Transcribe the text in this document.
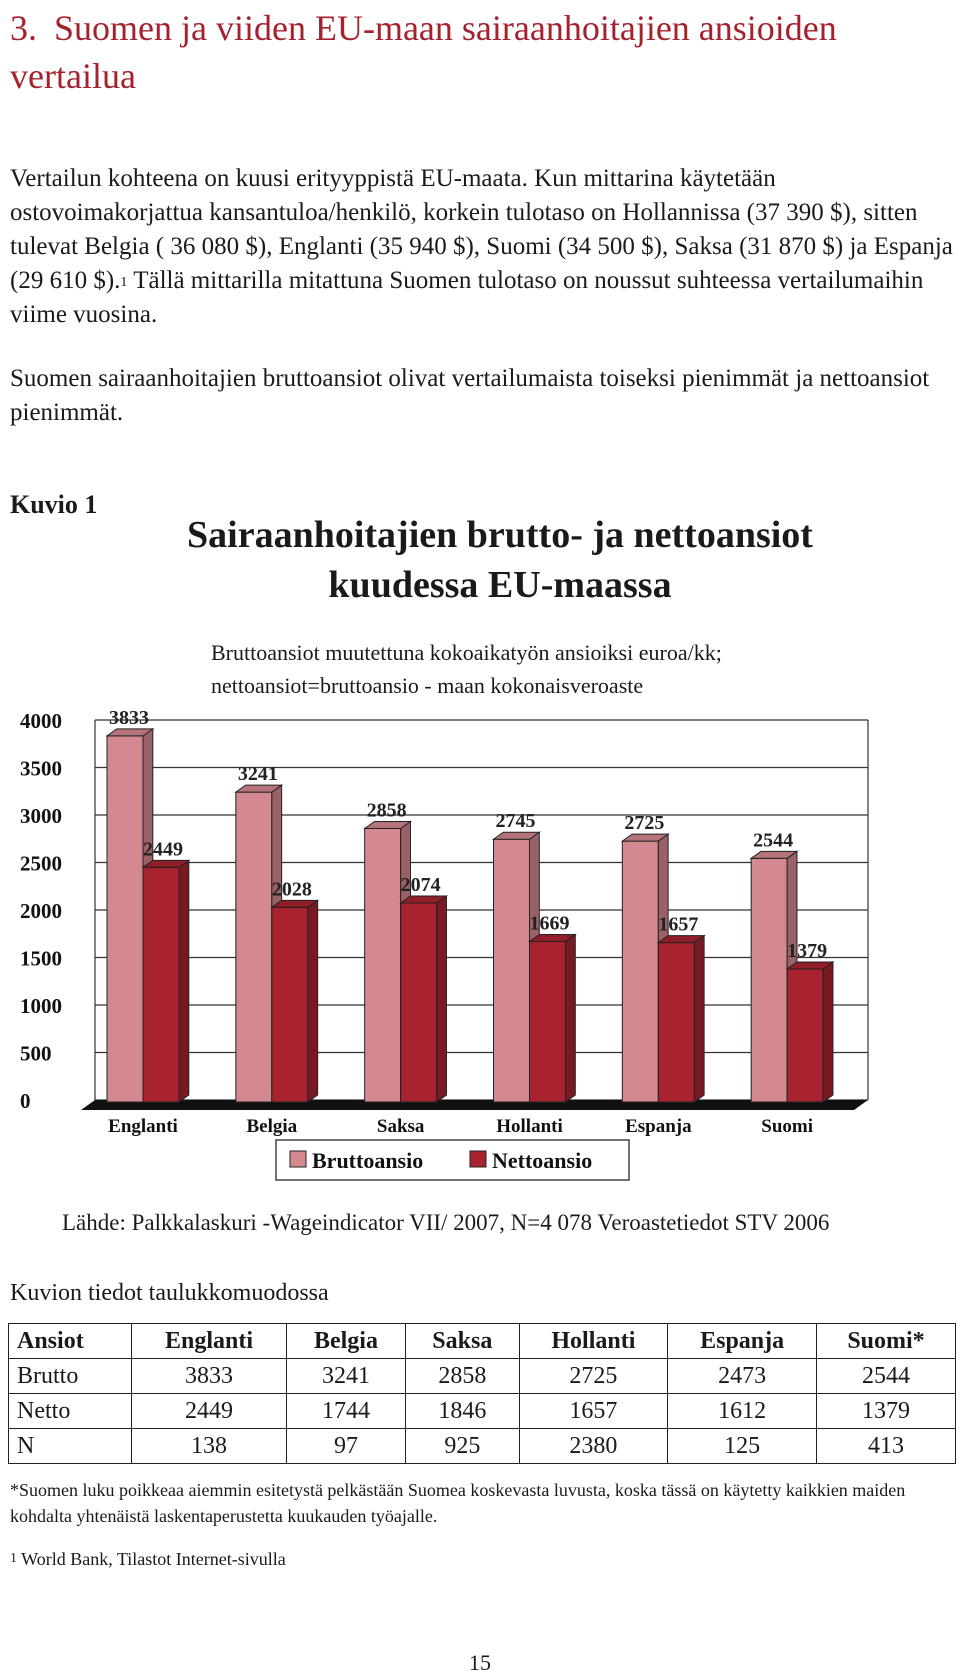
3. Suomen ja viiden EU-maan sairaanhoitajien ansioiden vertailua

Vertailun kohteena on kuusi erityyppistä EU-maata. Kun mittarina käytetään ostovoimakorjattua kansantuloa/henkilö, korkein tulotaso on Hollannissa (37 390 $), sitten tulevat Belgia ( 36 080 $), Englanti (35 940 $), Suomi (34 500 $), Saksa (31 870 $) ja Espanja (29 610 $).$^1$ Tällä mittarilla mitattuna Suomen tulotaso on noussut suhteessa vertailumaihin viime vuosina.

Suomen sairaanhoitajien bruttoansiot olivat vertailumaista toiseksi pienimmät ja nettoansiot pienimmät.

Kuvio 1
Sairaanhoitajien brutto- ja nettoansiot kuudessa EU-maassa
Bruttoansiot muutettuna kokoaikatyön ansioiksi euroa/kk;
nettoansiot=bruttoansio - maan kokonaisveroaste
0
500
1000
1500
2000
2500
3000
3500
4000 3833
2449
Englanti
3241
2028
Belgia
2858
2074
Saksa
2745
1669
Hollanti
2725
1657
Espanja
2544
1379
Suomi
Bruttoansio	Nettoansio
Lähde: Palkkalaskuri -Wageindicator VII/ 2007, N=4 078 Veroastetiedot STV 2006
Kuvion tiedot taulukkomuodossa
Ansiot	Englanti	Belgia	Saksa	Hollanti	Espanja	Suomi*
Brutto	3833	3241	2858	2725	2473	2544
Netto	2449	1744	1846	1657	1612	1379
N	138	97	925	2380	125	413
*Suomen luku poikkeaa aiemmin esitetystä pelkästään Suomea koskevasta luvusta, koska tässä on käytetty kaikkien maiden kohdalta yhtenäistä laskentaperustetta kuukauden työajalle.
$^1$ World Bank, Tilastot Internet-sivulla
15
